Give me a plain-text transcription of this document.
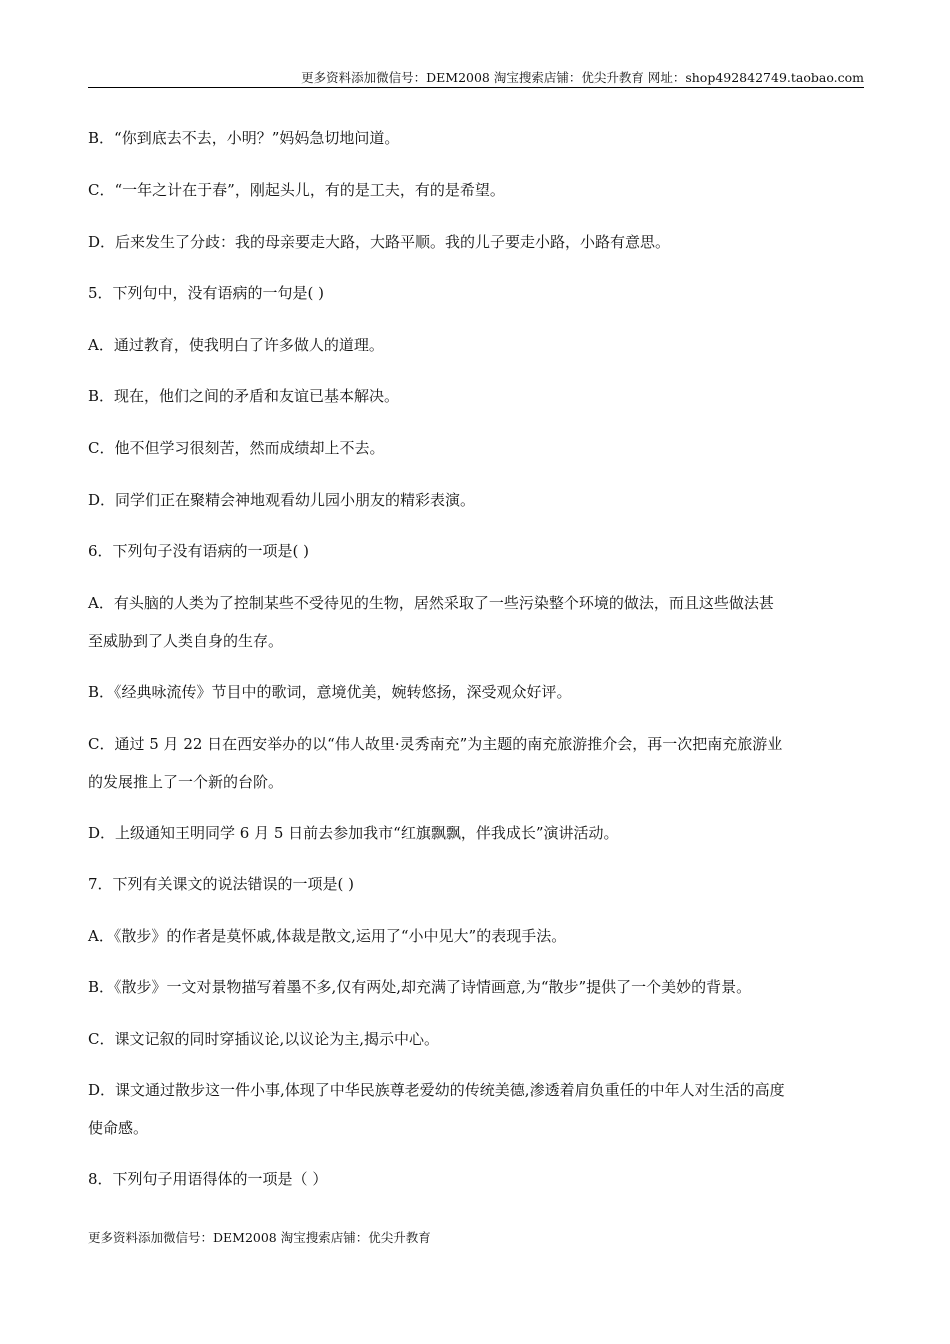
更多资料添加微信号：DEM2008 淘宝搜索店铺：优尖升教育 网址：shop492842749.taobao.com
B．“你到底去不去，小明？”妈妈急切地问道。
C．“一年之计在于春”，刚起头儿，有的是工夫，有的是希望。
D．后来发生了分歧：我的母亲要走大路，大路平顺。我的儿子要走小路，小路有意思。
5．下列句中，没有语病的一句是( )
A．通过教育，使我明白了许多做人的道理。
B．现在，他们之间的矛盾和友谊已基本解决。
C．他不但学习很刻苦，然而成绩却上不去。
D．同学们正在聚精会神地观看幼儿园小朋友的精彩表演。
6．下列句子没有语病的一项是( )
A．有头脑的人类为了控制某些不受待见的生物，居然采取了一些污染整个环境的做法，而且这些做法甚
至威胁到了人类自身的生存。
B．《经典咏流传》节目中的歌词，意境优美，婉转悠扬，深受观众好评。
C．通过 5 月 22 日在西安举办的以“伟人故里·灵秀南充”为主题的南充旅游推介会，再一次把南充旅游业
的发展推上了一个新的台阶。
D．上级通知王明同学 6 月 5 日前去参加我市“红旗飘飘，伴我成长”演讲活动。
7．下列有关课文的说法错误的一项是( )
A．《散步》的作者是莫怀戚,体裁是散文,运用了“小中见大”的表现手法。
B．《散步》一文对景物描写着墨不多,仅有两处,却充满了诗情画意,为“散步”提供了一个美妙的背景。
C．课文记叙的同时穿插议论,以议论为主,揭示中心。
D．课文通过散步这一件小事,体现了中华民族尊老爱幼的传统美德,渗透着肩负重任的中年人对生活的高度
使命感。
8．下列句子用语得体的一项是（ ）
更多资料添加微信号：DEM2008 淘宝搜索店铺：优尖升教育
